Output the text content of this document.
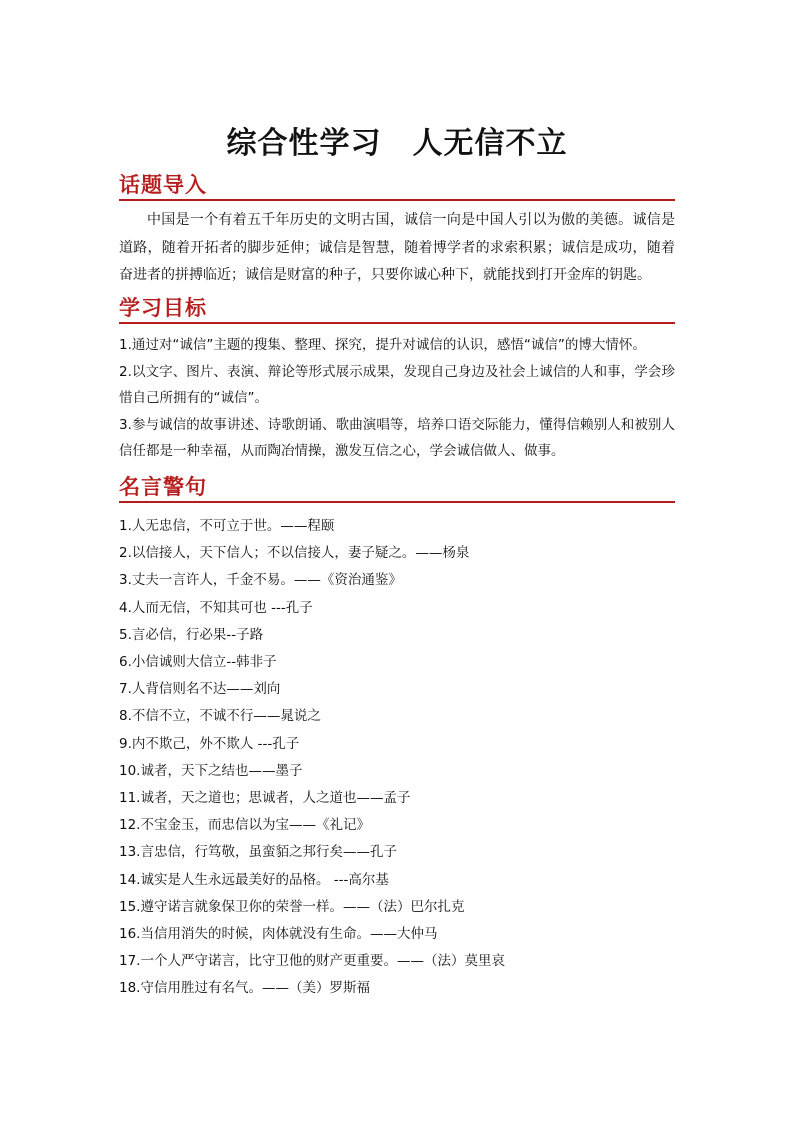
综合性学习　人无信不立
话题导入

中国是一个有着五千年历史的文明古国，诚信一向是中国人引以为傲的美德。诚信是道路，随着开拓者的脚步延伸；诚信是智慧，随着博学者的求索积累；诚信是成功，随着奋进者的拼搏临近；诚信是财富的种子，只要你诚心种下，就能找到打开金库的钥匙。

学习目标
1.通过对“诚信”主题的搜集、整理、探究，提升对诚信的认识，感悟“诚信”的博大情怀。
2.以文字、图片、表演、辩论等形式展示成果，发现自己身边及社会上诚信的人和事，学会珍惜自己所拥有的“诚信”。
3.参与诚信的故事讲述、诗歌朗诵、歌曲演唱等，培养口语交际能力，懂得信赖别人和被别人信任都是一种幸福，从而陶冶情操，激发互信之心，学会诚信做人、做事。
名言警句
1.人无忠信，不可立于世。——程颐
2.以信接人，天下信人；不以信接人，妻子疑之。——杨泉
3.丈夫一言许人，千金不易。——《资治通鉴》
4.人而无信，不知其可也 ---孔子
5.言必信，行必果--子路
6.小信诚则大信立--韩非子
7.人背信则名不达——刘向
8.不信不立，不诚不行——晁说之
9.内不欺己，外不欺人 ---孔子
10.诚者，天下之结也——墨子
11.诚者，天之道也；思诚者，人之道也——孟子
12.不宝金玉，而忠信以为宝——《礼记》
13.言忠信，行笃敬，虽蛮貊之邦行矣——孔子
14.诚实是人生永远最美好的品格。 ---高尔基
15.遵守诺言就象保卫你的荣誉一样。——（法）巴尔扎克
16.当信用消失的时候，肉体就没有生命。——大仲马
17.一个人严守诺言，比守卫他的财产更重要。——（法）莫里哀
18.守信用胜过有名气。——（美）罗斯福
